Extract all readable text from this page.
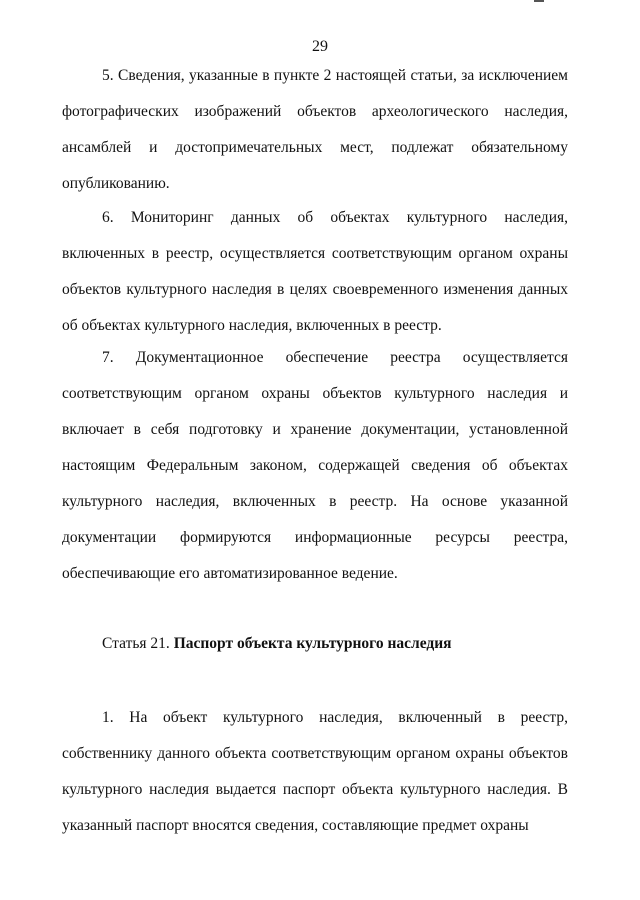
29

5. Сведения, указанные в пункте 2 настоящей статьи, за исключением фотографических изображений объектов археологического наследия, ансамблей и достопримечательных мест, подлежат обязательному опубликованию.

6. Мониторинг данных об объектах культурного наследия, включенных в реестр, осуществляется соответствующим органом охраны объектов культурного наследия в целях своевременного изменения данных об объектах культурного наследия, включенных в реестр.

7. Документационное обеспечение реестра осуществляется соответствующим органом охраны объектов культурного наследия и включает в себя подготовку и хранение документации, установленной настоящим Федеральным законом, содержащей сведения об объектах культурного наследия, включенных в реестр. На основе указанной документации формируются информационные ресурсы реестра, обеспечивающие его автоматизированное ведение.

Статья 21. Паспорт объекта культурного наследия

1. На объект культурного наследия, включенный в реестр, собственнику данного объекта соответствующим органом охраны объектов культурного наследия выдается паспорт объекта культурного наследия. В указанный паспорт вносятся сведения, составляющие предмет охраны
